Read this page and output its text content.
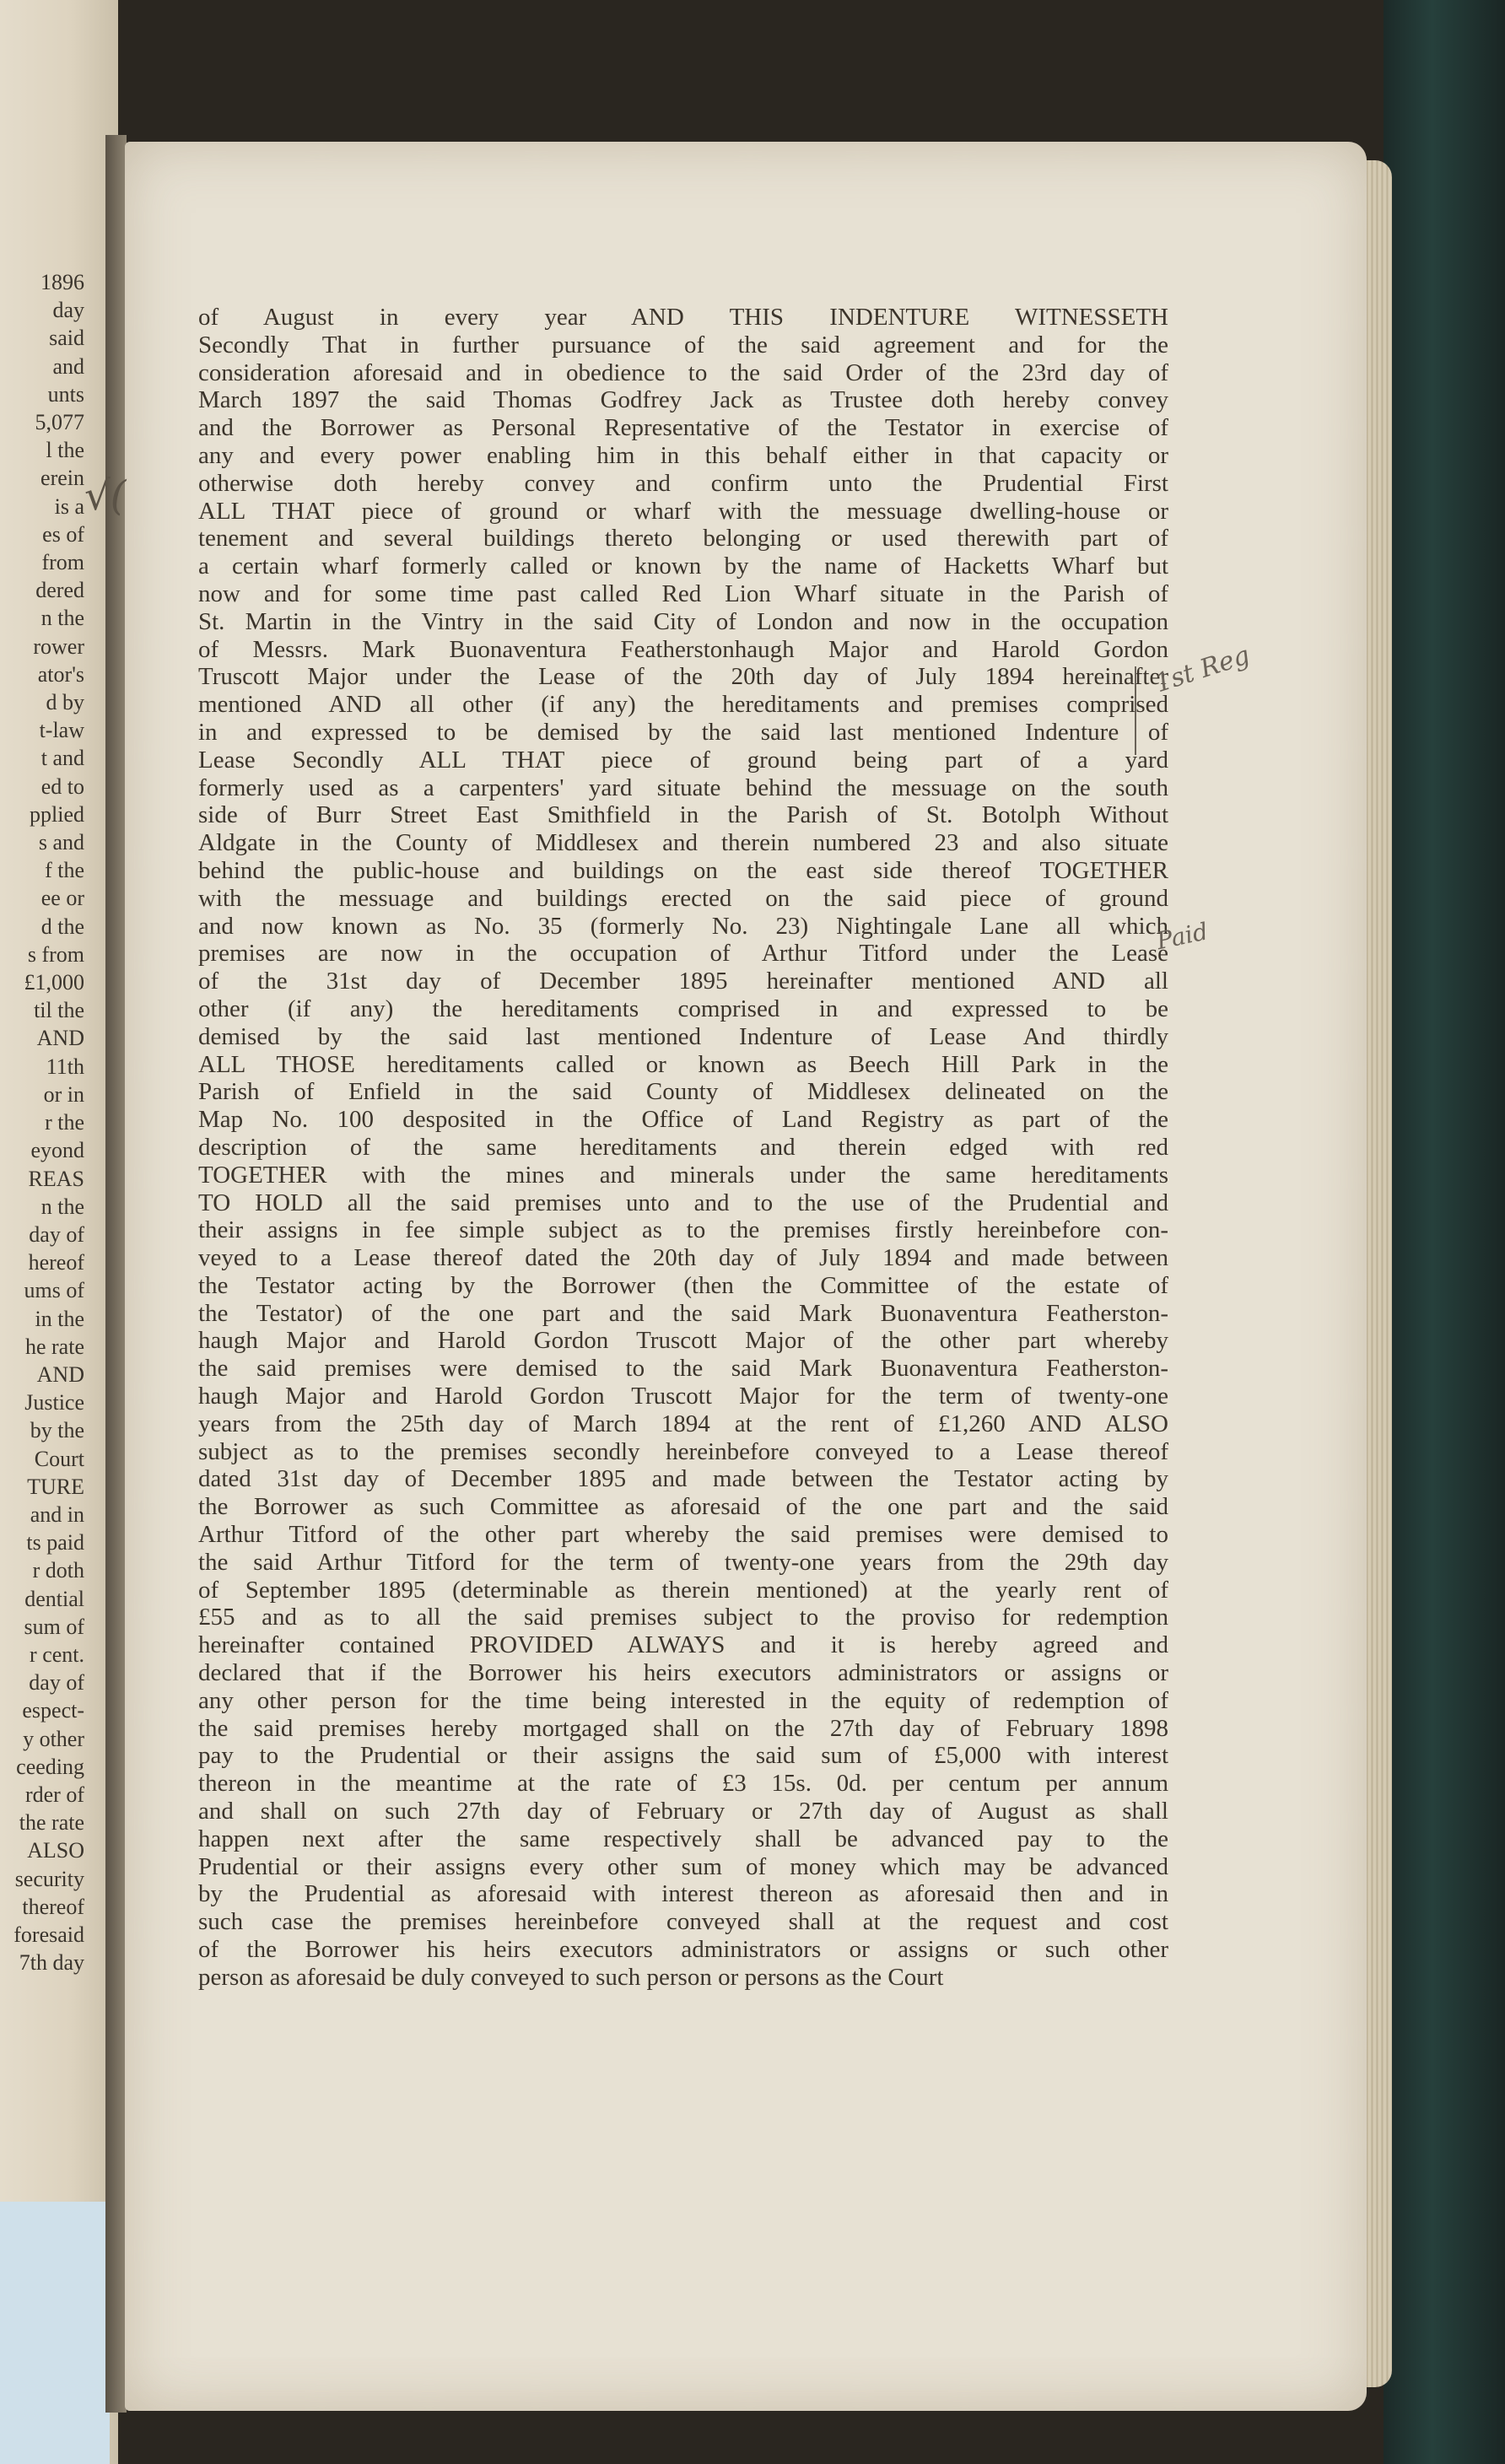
1896
day
said
and
unts
5,077
l the
erein
is a
es of
from
dered
n the
rower
ator's
d by
t-law
t and
ed to
pplied
s and
f the
ee or
d the
s from
£1,000
til the
AND
11th
or in
r the
eyond
REAS
n the
day of
hereof
ums of
in the
he rate
AND
Justice
by the
Court
TURE
and in
ts paid
r doth
dential
sum of
r cent.
day of
espect-
y other
ceeding
rder of
the rate
ALSO
security
thereof
foresaid
7th day
√(
of August in every year AND THIS INDENTURE WITNESSETH
Secondly That in further pursuance of the said agreement and for the
consideration aforesaid and in obedience to the said Order of the 23rd day of
March 1897 the said Thomas Godfrey Jack as Trustee doth hereby convey
and the Borrower as Personal Representative of the Testator in exercise of
any and every power enabling him in this behalf either in that capacity or
otherwise doth hereby convey and confirm unto the Prudential First
ALL THAT piece of ground or wharf with the messuage dwelling-house or
tenement and several buildings thereto belonging or used therewith part of
a certain wharf formerly called or known by the name of Hacketts Wharf but
now and for some time past called Red Lion Wharf situate in the Parish of
St. Martin in the Vintry in the said City of London and now in the occupation
of Messrs. Mark Buonaventura Featherstonhaugh Major and Harold Gordon
Truscott Major under the Lease of the 20th day of July 1894 hereinafter
mentioned AND all other (if any) the hereditaments and premises comprised
in and expressed to be demised by the said last mentioned Indenture of
Lease Secondly ALL THAT piece of ground being part of a yard
formerly used as a carpenters' yard situate behind the messuage on the south
side of Burr Street East Smithfield in the Parish of St. Botolph Without
Aldgate in the County of Middlesex and therein numbered 23 and also situate
behind the public-house and buildings on the east side thereof TOGETHER
with the messuage and buildings erected on the said piece of ground
and now known as No. 35 (formerly No. 23) Nightingale Lane all which
premises are now in the occupation of Arthur Titford under the Lease
of the 31st day of December 1895 hereinafter mentioned AND all
other (if any) the hereditaments comprised in and expressed to be
demised by the said last mentioned Indenture of Lease And thirdly
ALL THOSE hereditaments called or known as Beech Hill Park in the
Parish of Enfield in the said County of Middlesex delineated on the
Map No. 100 desposited in the Office of Land Registry as part of the
description of the same hereditaments and therein edged with red
TOGETHER with the mines and minerals under the same hereditaments
TO HOLD all the said premises unto and to the use of the Prudential and
their assigns in fee simple subject as to the premises firstly hereinbefore con-
veyed to a Lease thereof dated the 20th day of July 1894 and made between
the Testator acting by the Borrower (then the Committee of the estate of
the Testator) of the one part and the said Mark Buonaventura Featherston-
haugh Major and Harold Gordon Truscott Major of the other part whereby
the said premises were demised to the said Mark Buonaventura Featherston-
haugh Major and Harold Gordon Truscott Major for the term of twenty-one
years from the 25th day of March 1894 at the rent of £1,260 AND ALSO
subject as to the premises secondly hereinbefore conveyed to a Lease thereof
dated 31st day of December 1895 and made between the Testator acting by
the Borrower as such Committee as aforesaid of the one part and the said
Arthur Titford of the other part whereby the said premises were demised to
the said Arthur Titford for the term of twenty-one years from the 29th day
of September 1895 (determinable as therein mentioned) at the yearly rent of
£55 and as to all the said premises subject to the proviso for redemption
hereinafter contained PROVIDED ALWAYS and it is hereby agreed and
declared that if the Borrower his heirs executors administrators or assigns or
any other person for the time being interested in the equity of redemption of
the said premises hereby mortgaged shall on the 27th day of February 1898
pay to the Prudential or their assigns the said sum of £5,000 with interest
thereon in the meantime at the rate of £3 15s. 0d. per centum per annum
and shall on such 27th day of February or 27th day of August as shall
happen next after the same respectively shall be advanced pay to the
Prudential or their assigns every other sum of money which may be advanced
by the Prudential as aforesaid with interest thereon as aforesaid then and in
such case the premises hereinbefore conveyed shall at the request and cost
of the Borrower his heirs executors administrators or assigns or such other
person as aforesaid be duly conveyed to such person or persons as the Court
1st Reg
Paid
